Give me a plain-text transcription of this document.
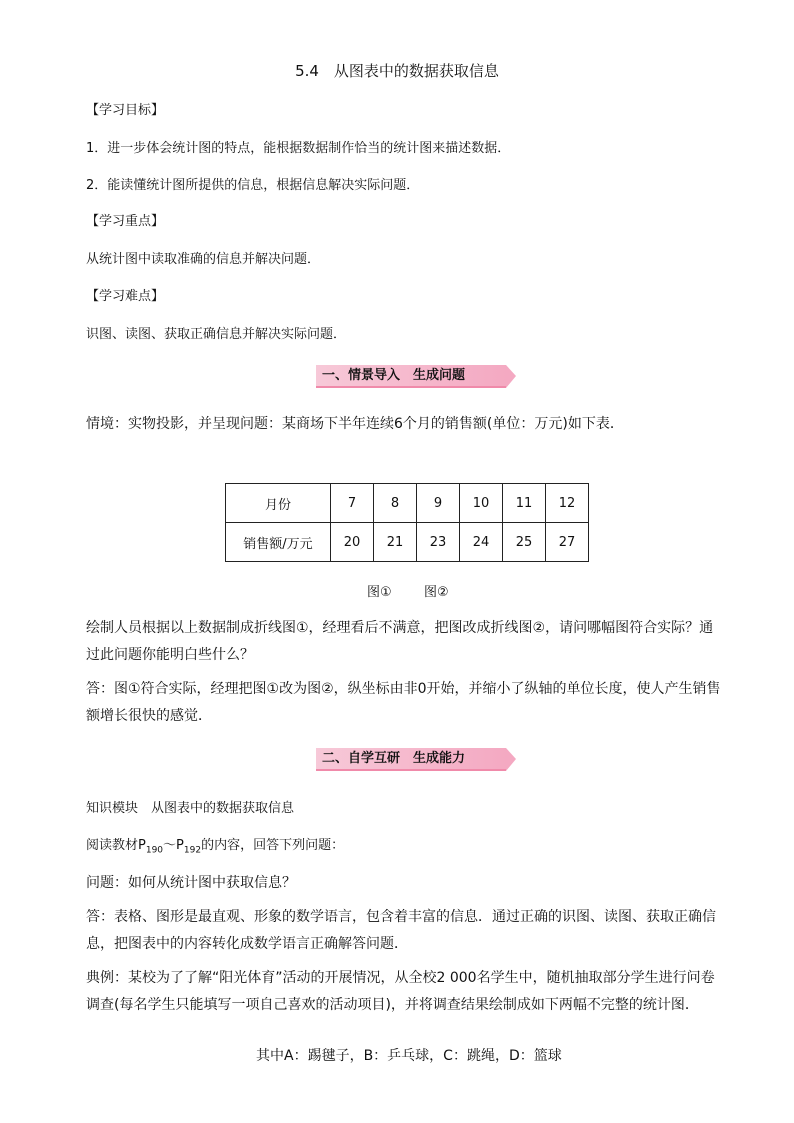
5.4　从图表中的数据获取信息
【学习目标】
1．进一步体会统计图的特点，能根据数据制作恰当的统计图来描述数据．
2．能读懂统计图所提供的信息，根据信息解决实际问题．
【学习重点】
从统计图中读取准确的信息并解决问题．
【学习难点】
识图、读图、获取正确信息并解决实际问题．
一、情景导入　生成问题
情境：实物投影，并呈现问题：某商场下半年连续6个月的销售额(单位：万元)如下表．
月份	7	8	9	10	11	12
销售额/万元	20	21	23	24	25	27
图① 图②
绘制人员根据以上数据制成折线图①，经理看后不满意，把图改成折线图②，请问哪幅图符合实际？通过此问题你能明白些什么？
答：图①符合实际，经理把图①改为图②，纵坐标由非0开始，并缩小了纵轴的单位长度，使人产生销售额增长很快的感觉．
二、自学互研　生成能力
知识模块　从图表中的数据获取信息
阅读教材$P_{190}\sim P_{192}$的内容，回答下列问题：
问题：如何从统计图中获取信息？
答：表格、图形是最直观、形象的数学语言，包含着丰富的信息．通过正确的识图、读图、获取正确信息，把图表中的内容转化成数学语言正确解答问题．
典例：某校为了了解“阳光体育”活动的开展情况，从全校2 000名学生中，随机抽取部分学生进行问卷调查(每名学生只能填写一项自己喜欢的活动项目)，并将调查结果绘制成如下两幅不完整的统计图．
其中A：踢毽子，B：乒乓球，C：跳绳，D：篮球
